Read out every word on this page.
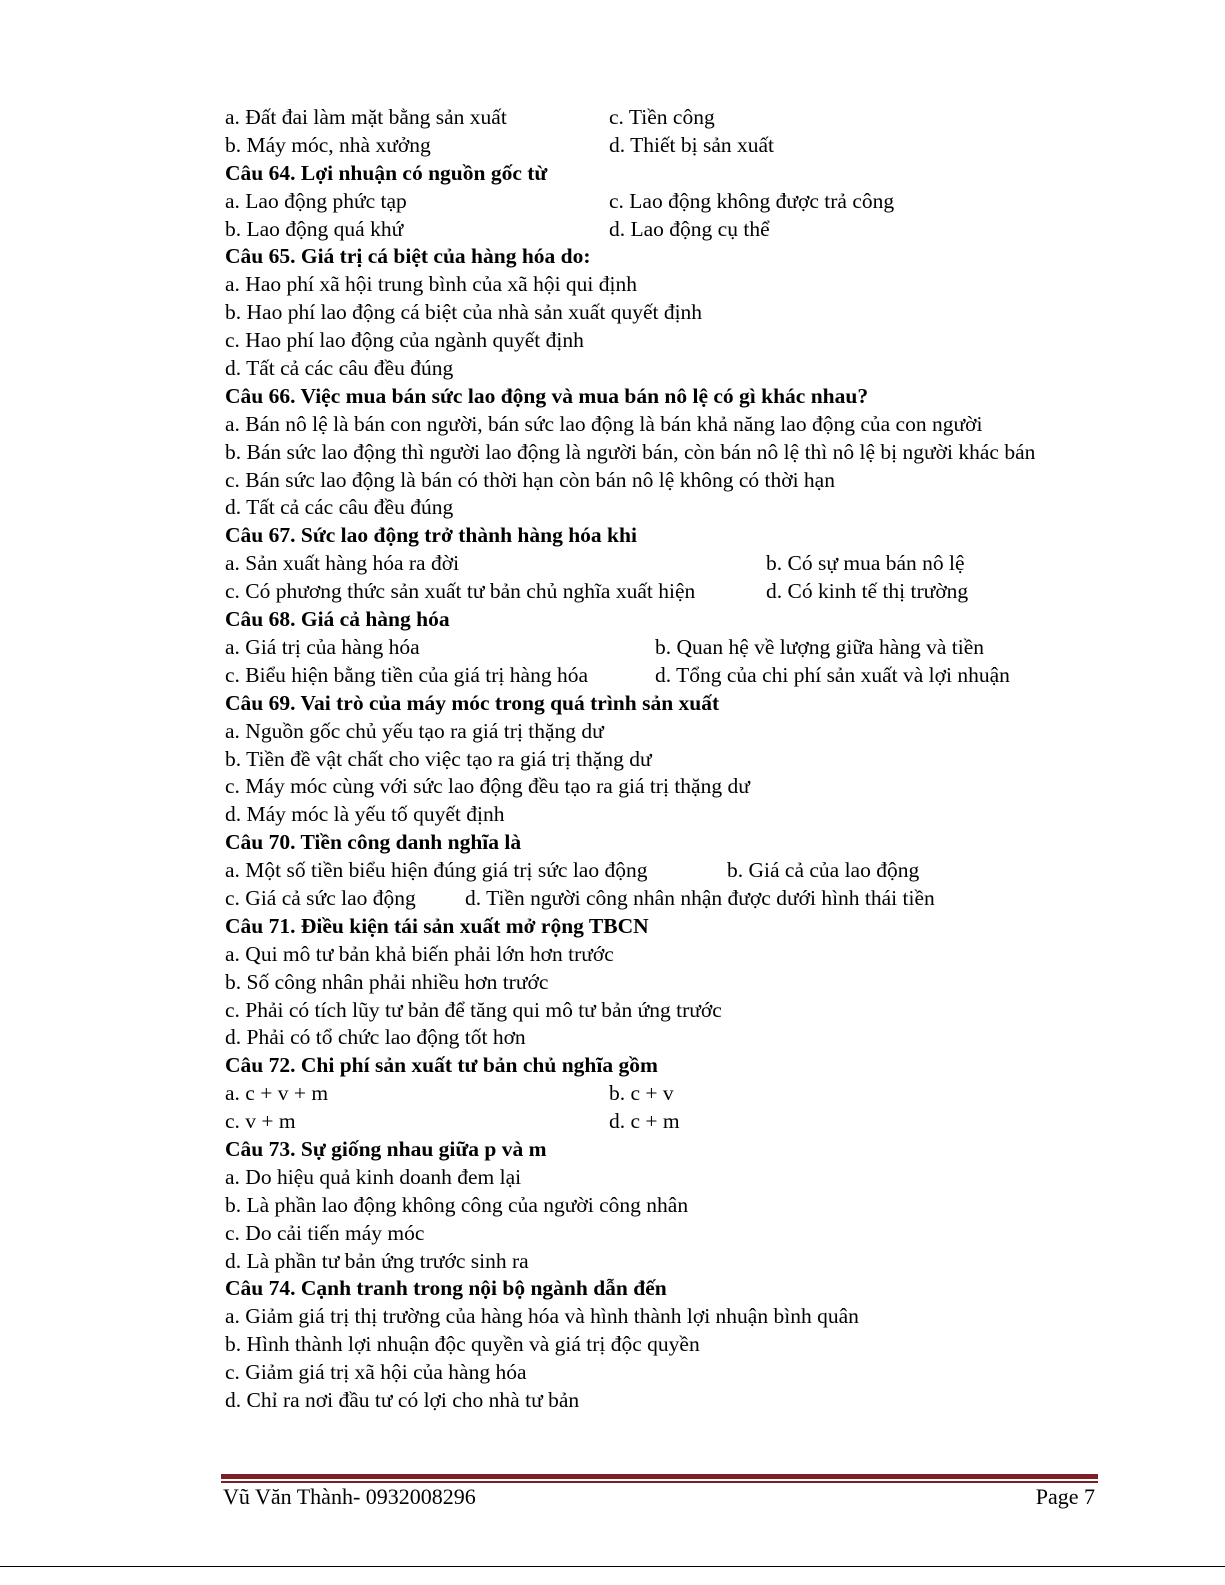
a. Đất đai làm mặt bằng sản xuất	c. Tiền công
b. Máy móc, nhà xưởng	d. Thiết bị sản xuất
Câu 64. Lợi nhuận có nguồn gốc từ
a. Lao động phức tạp	c. Lao động không được trả công
b. Lao động quá khứ	d. Lao động cụ thể
Câu 65. Giá trị cá biệt của hàng hóa do:
a. Hao phí xã hội trung bình của xã hội qui định
b. Hao phí lao động cá biệt của nhà sản xuất quyết định
c. Hao phí lao động của ngành quyết định
d. Tất cả các câu đều đúng
Câu 66. Việc mua bán sức lao động và mua bán nô lệ có gì khác nhau?
a. Bán nô lệ là bán con người, bán sức lao động là bán khả năng lao động của con người
b. Bán sức lao động thì người lao động là người bán, còn bán nô lệ thì nô lệ bị người khác bán
c. Bán sức lao động là bán có thời hạn còn bán nô lệ không có thời hạn
d. Tất cả các câu đều đúng
Câu 67. Sức lao động trở thành hàng hóa khi
a. Sản xuất hàng hóa ra đời	b. Có sự mua bán nô lệ
c. Có phương thức sản xuất tư bản chủ nghĩa xuất hiện	d. Có kinh tế thị trường
Câu 68. Giá cả hàng hóa
a. Giá trị của hàng hóa	b. Quan hệ về lượng giữa hàng và tiền
c. Biểu hiện bằng tiền của giá trị hàng hóa	d. Tổng của chi phí sản xuất và lợi nhuận
Câu 69. Vai trò của máy móc trong quá trình sản xuất
a. Nguồn gốc chủ yếu tạo ra giá trị thặng dư
b. Tiền đề vật chất cho việc tạo ra giá trị thặng dư
c. Máy móc cùng với sức lao động đều tạo ra giá trị thặng dư
d. Máy móc là yếu tố quyết định
Câu 70. Tiền công danh nghĩa là
a. Một số tiền biểu hiện đúng giá trị sức lao động	b. Giá cả của lao động
c. Giá cả sức lao động d. Tiền người công nhân nhận được dưới hình thái tiền
Câu 71. Điều kiện tái sản xuất mở rộng TBCN
a. Qui mô tư bản khả biến phải lớn hơn trước
b. Số công nhân phải nhiều hơn trước
c. Phải có tích lũy tư bản để tăng qui mô tư bản ứng trước
d. Phải có tổ chức lao động tốt hơn
Câu 72. Chi phí sản xuất tư bản chủ nghĩa gồm
a. c + v + m	b. c + v
c. v + m	d. c + m
Câu 73. Sự giống nhau giữa p và m
a. Do hiệu quả kinh doanh đem lại
b. Là phần lao động không công của người công nhân
c. Do cải tiến máy móc
d. Là phần tư bản ứng trước sinh ra
Câu 74. Cạnh tranh trong nội bộ ngành dẫn đến
a. Giảm giá trị thị trường của hàng hóa và hình thành lợi nhuận bình quân
b. Hình thành lợi nhuận độc quyền và giá trị độc quyền
c. Giảm giá trị xã hội của hàng hóa
d. Chỉ ra nơi đầu tư có lợi cho nhà tư bản
Vũ Văn Thành- 0932008296	Page 7
